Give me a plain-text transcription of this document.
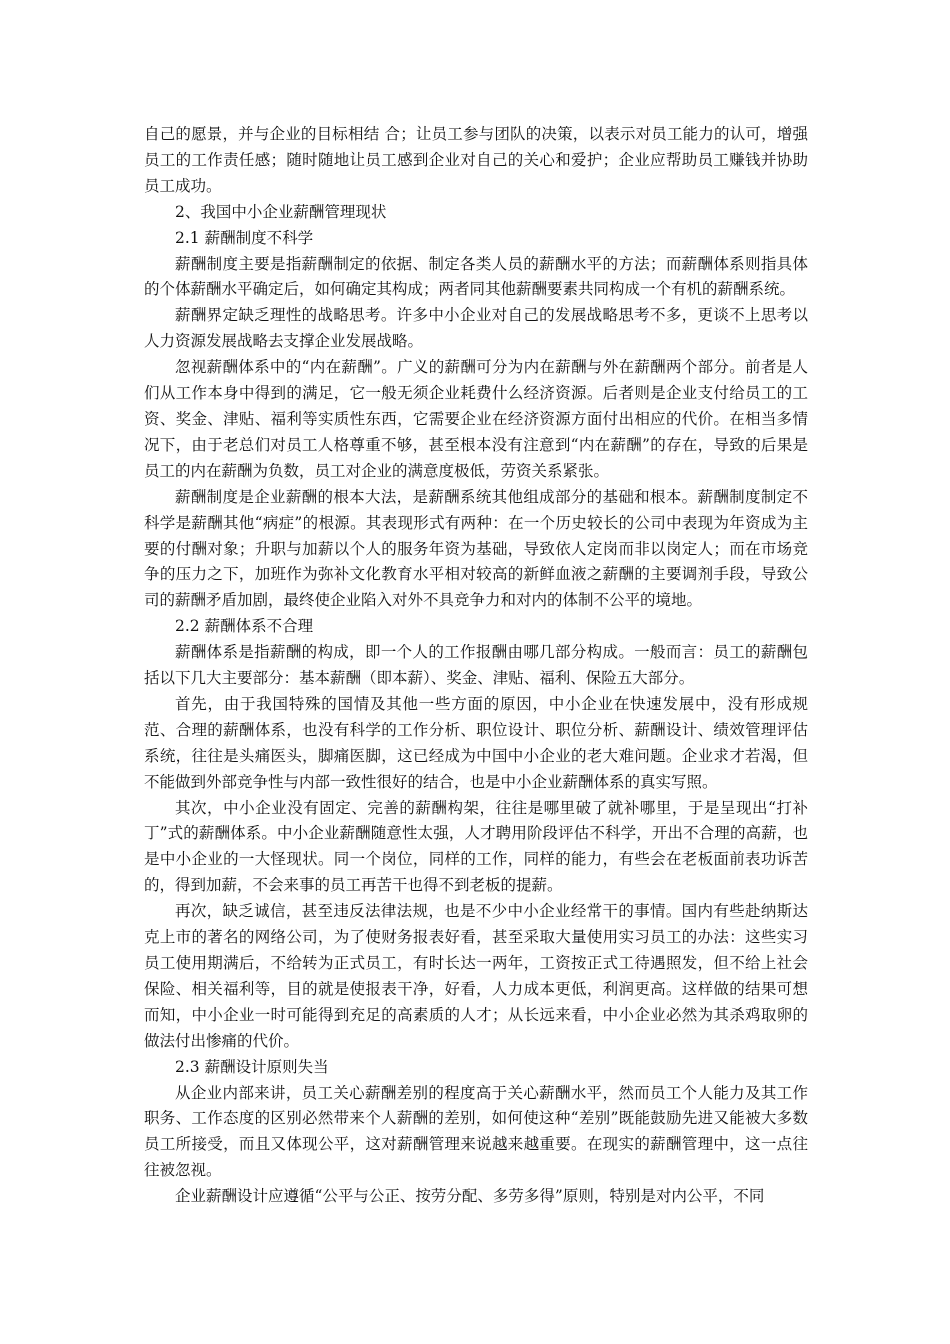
自己的愿景，并与企业的目标相结 合；让员工参与团队的决策，以表示对员工能力的认可，增强员工的工作责任感；随时随地让员工感到企业对自己的关心和爱护；企业应帮助员工赚钱并协助员工成功。

2、我国中小企业薪酬管理现状

2.1 薪酬制度不科学

薪酬制度主要是指薪酬制定的依据、制定各类人员的薪酬水平的方法；而薪酬体系则指具体的个体薪酬水平确定后，如何确定其构成；两者同其他薪酬要素共同构成一个有机的薪酬系统。

薪酬界定缺乏理性的战略思考。许多中小企业对自己的发展战略思考不多，更谈不上思考以人力资源发展战略去支撑企业发展战略。

忽视薪酬体系中的“内在薪酬”。广义的薪酬可分为内在薪酬与外在薪酬两个部分。前者是人们从工作本身中得到的满足，它一般无须企业耗费什么经济资源。后者则是企业支付给员工的工资、奖金、津贴、福利等实质性东西，它需要企业在经济资源方面付出相应的代价。在相当多情况下，由于老总们对员工人格尊重不够，甚至根本没有注意到“内在薪酬”的存在，导致的后果是员工的内在薪酬为负数，员工对企业的满意度极低，劳资关系紧张。

薪酬制度是企业薪酬的根本大法，是薪酬系统其他组成部分的基础和根本。薪酬制度制定不科学是薪酬其他“病症”的根源。其表现形式有两种：在一个历史较长的公司中表现为年资成为主要的付酬对象；升职与加薪以个人的服务年资为基础，导致依人定岗而非以岗定人；而在市场竞争的压力之下，加班作为弥补文化教育水平相对较高的新鲜血液之薪酬的主要调剂手段，导致公司的薪酬矛盾加剧，最终使企业陷入对外不具竞争力和对内的体制不公平的境地。

2.2 薪酬体系不合理

薪酬体系是指薪酬的构成，即一个人的工作报酬由哪几部分构成。一般而言：员工的薪酬包括以下几大主要部分：基本薪酬（即本薪）、奖金、津贴、福利、保险五大部分。

首先，由于我国特殊的国情及其他一些方面的原因，中小企业在快速发展中，没有形成规范、合理的薪酬体系，也没有科学的工作分析、职位设计、职位分析、薪酬设计、绩效管理评估系统，往往是头痛医头，脚痛医脚，这已经成为中国中小企业的老大难问题。企业求才若渴，但不能做到外部竞争性与内部一致性很好的结合，也是中小企业薪酬体系的真实写照。

其次，中小企业没有固定、完善的薪酬构架，往往是哪里破了就补哪里，于是呈现出“打补丁”式的薪酬体系。中小企业薪酬随意性太强，人才聘用阶段评估不科学，开出不合理的高薪，也是中小企业的一大怪现状。同一个岗位，同样的工作，同样的能力，有些会在老板面前表功诉苦的，得到加薪，不会来事的员工再苦干也得不到老板的提薪。

再次，缺乏诚信，甚至违反法律法规，也是不少中小企业经常干的事情。国内有些赴纳斯达克上市的著名的网络公司，为了使财务报表好看，甚至采取大量使用实习员工的办法：这些实习员工使用期满后，不给转为正式员工，有时长达一两年，工资按正式工待遇照发，但不给上社会保险、相关福利等，目的就是使报表干净，好看，人力成本更低，利润更高。这样做的结果可想而知，中小企业一时可能得到充足的高素质的人才；从长远来看，中小企业必然为其杀鸡取卵的做法付出惨痛的代价。

2.3 薪酬设计原则失当

从企业内部来讲，员工关心薪酬差别的程度高于关心薪酬水平，然而员工个人能力及其工作职务、工作态度的区别必然带来个人薪酬的差别，如何使这种“差别”既能鼓励先进又能被大多数员工所接受，而且又体现公平，这对薪酬管理来说越来越重要。在现实的薪酬管理中，这一点往往被忽视。

企业薪酬设计应遵循“公平与公正、按劳分配、多劳多得”原则，特别是对内公平，不同
